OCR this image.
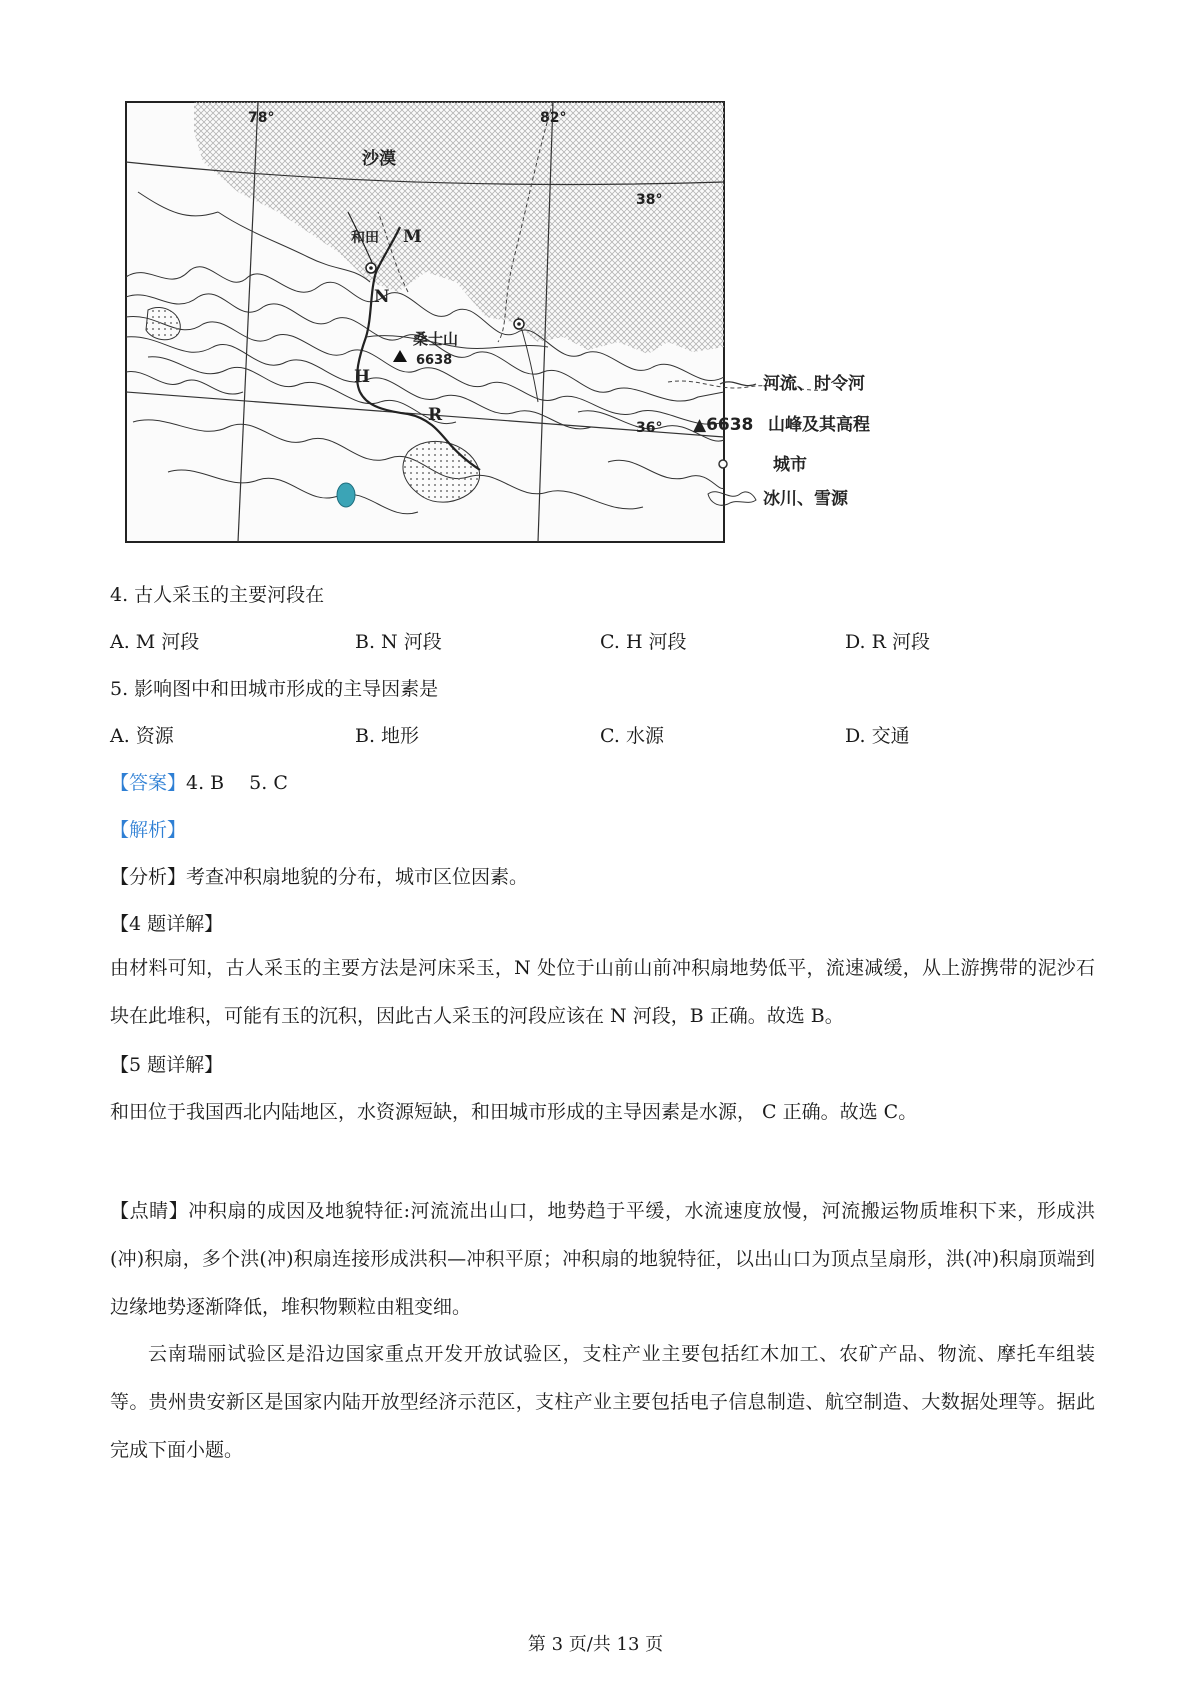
78°	82°
38°
36°
沙漠
和田
桑士山
6638
M
N
H
R
河流、时令河
▲6638 山峰及其高程
城市
冰川、雪源
4. 古人采玉的主要河段在
A. M 河段	B. N 河段	C. H 河段	D. R 河段
5. 影响图中和田城市形成的主导因素是
A. 资源	B. 地形	C. 水源	D. 交通
【答案】4. B　 5. C
【解析】
【分析】考查冲积扇地貌的分布，城市区位因素。
【4 题详解】
由材料可知，古人采玉的主要方法是河床采玉，N 处位于山前山前冲积扇地势低平，流速减缓，从上游携带的泥沙石块在此堆积，可能有玉的沉积，因此古人采玉的河段应该在 N 河段，B 正确。故选 B。
【5 题详解】
和田位于我国西北内陆地区，水资源短缺，和田城市形成的主导因素是水源， C 正确。故选 C。
【点睛】冲积扇的成因及地貌特征:河流流出山口，地势趋于平缓，水流速度放慢，河流搬运物质堆积下来，形成洪(冲)积扇，多个洪(冲)积扇连接形成洪积—冲积平原；冲积扇的地貌特征，以出山口为顶点呈扇形，洪(冲)积扇顶端到边缘地势逐渐降低，堆积物颗粒由粗变细。
云南瑞丽试验区是沿边国家重点开发开放试验区，支柱产业主要包括红木加工、农矿产品、物流、摩托车组装等。贵州贵安新区是国家内陆开放型经济示范区，支柱产业主要包括电子信息制造、航空制造、大数据处理等。据此完成下面小题。
第 3 页/共 13 页
